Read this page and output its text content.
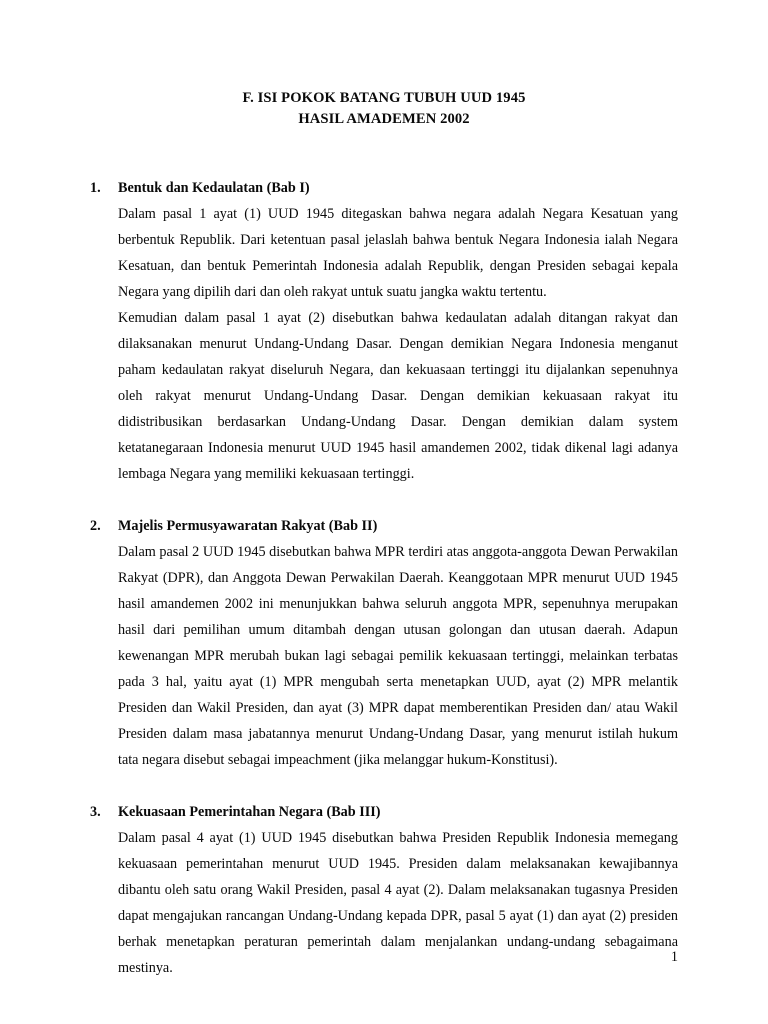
F. ISI POKOK BATANG TUBUH UUD 1945
HASIL AMADEMEN 2002
1. Bentuk dan Kedaulatan (Bab I)

Dalam pasal 1 ayat (1) UUD 1945 ditegaskan bahwa negara adalah Negara Kesatuan yang berbentuk Republik. Dari ketentuan pasal jelaslah bahwa bentuk Negara Indonesia ialah Negara Kesatuan, dan bentuk Pemerintah Indonesia adalah Republik, dengan Presiden sebagai kepala Negara yang dipilih dari dan oleh rakyat untuk suatu jangka waktu tertentu.

Kemudian dalam pasal 1 ayat (2) disebutkan bahwa kedaulatan adalah ditangan rakyat dan dilaksanakan menurut Undang-Undang Dasar. Dengan demikian Negara Indonesia menganut paham kedaulatan rakyat diseluruh Negara, dan kekuasaan tertinggi itu dijalankan sepenuhnya oleh rakyat menurut Undang-Undang Dasar. Dengan demikian kekuasaan rakyat itu didistribusikan berdasarkan Undang-Undang Dasar. Dengan demikian dalam system ketatanegaraan Indonesia menurut UUD 1945 hasil amandemen 2002, tidak dikenal lagi adanya lembaga Negara yang memiliki kekuasaan tertinggi.

2. Majelis Permusyawaratan Rakyat (Bab II)

Dalam pasal 2 UUD 1945 disebutkan bahwa MPR terdiri atas anggota-anggota Dewan Perwakilan Rakyat (DPR), dan Anggota Dewan Perwakilan Daerah. Keanggotaan MPR menurut UUD 1945 hasil amandemen 2002 ini menunjukkan bahwa seluruh anggota MPR, sepenuhnya merupakan hasil dari pemilihan umum ditambah dengan utusan golongan dan utusan daerah. Adapun kewenangan MPR merubah bukan lagi sebagai pemilik kekuasaan tertinggi, melainkan terbatas pada 3 hal, yaitu ayat (1) MPR mengubah serta menetapkan UUD, ayat (2) MPR melantik Presiden dan Wakil Presiden, dan ayat (3) MPR dapat memberentikan Presiden dan/ atau Wakil Presiden dalam masa jabatannya menurut Undang-Undang Dasar, yang menurut istilah hukum tata negara disebut sebagai impeachment (jika melanggar hukum-Konstitusi).

3. Kekuasaan Pemerintahan Negara (Bab III)

Dalam pasal 4 ayat (1) UUD 1945 disebutkan bahwa Presiden Republik Indonesia memegang kekuasaan pemerintahan menurut UUD 1945. Presiden dalam melaksanakan kewajibannya dibantu oleh satu orang Wakil Presiden, pasal 4 ayat (2). Dalam melaksanakan tugasnya Presiden dapat mengajukan rancangan Undang-Undang kepada DPR, pasal 5 ayat (1) dan ayat (2) presiden berhak menetapkan peraturan pemerintah dalam menjalankan undang-undang sebagaimana mestinya.

1
